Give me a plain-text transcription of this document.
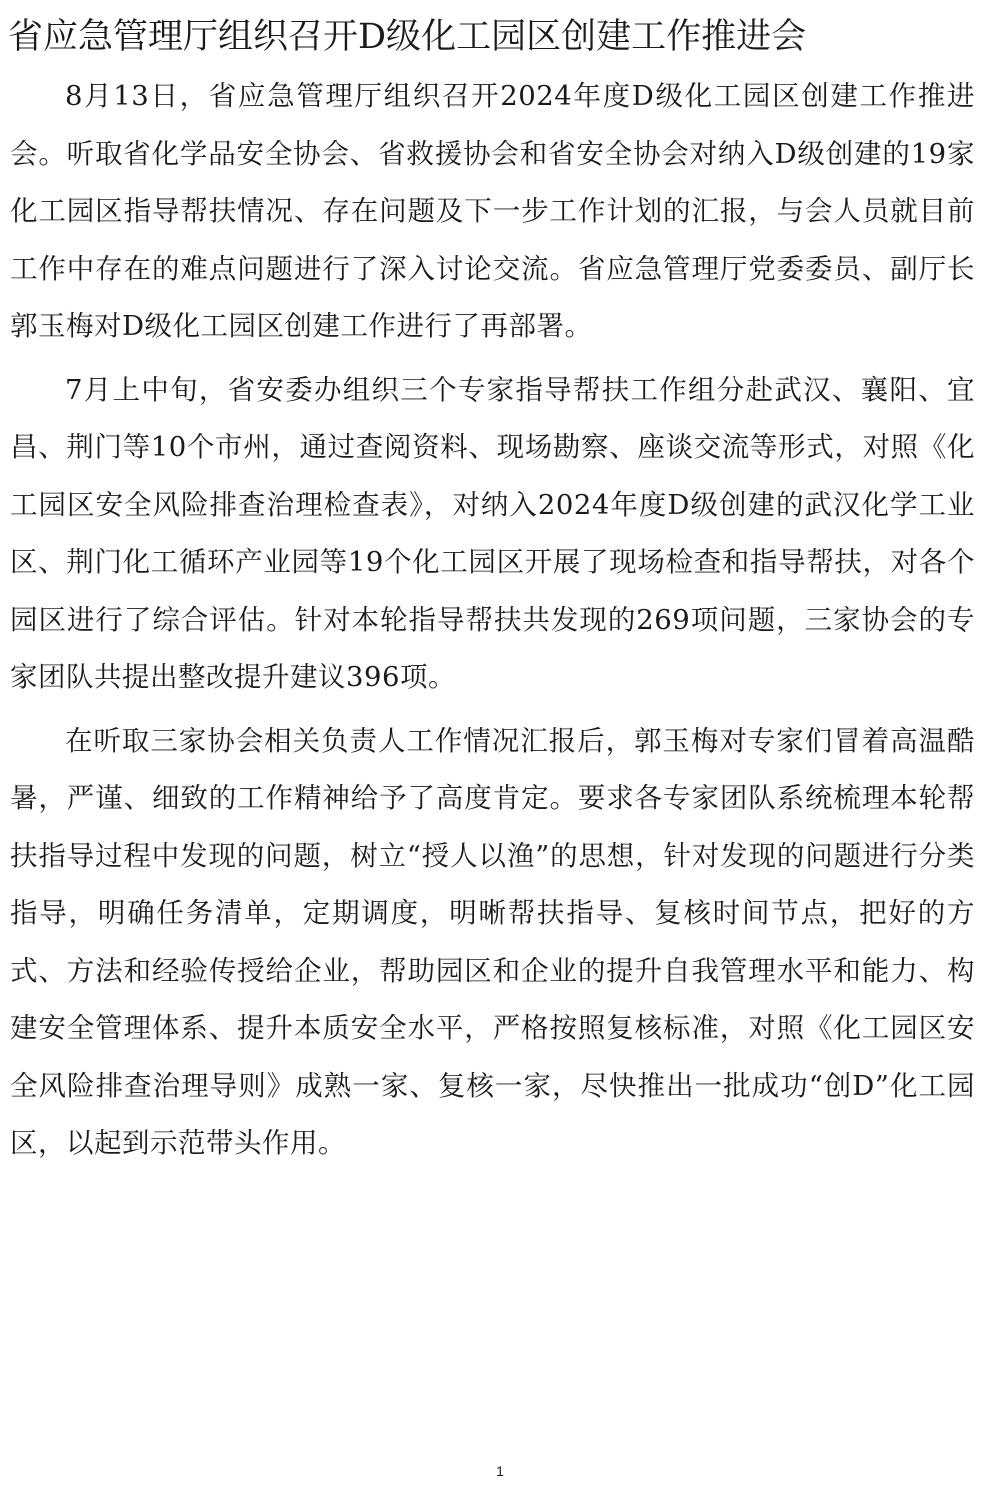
省应急管理厅组织召开D级化工园区创建工作推进会

8月13日，省应急管理厅组织召开2024年度D级化工园区创建工作推进会。听取省化学品安全协会、省救援协会和省安全协会对纳入D级创建的19家化工园区指导帮扶情况、存在问题及下一步工作计划的汇报，与会人员就目前工作中存在的难点问题进行了深入讨论交流。省应急管理厅党委委员、副厅长郭玉梅对D级化工园区创建工作进行了再部署。

7月上中旬，省安委办组织三个专家指导帮扶工作组分赴武汉、襄阳、宜昌、荆门等10个市州，通过查阅资料、现场勘察、座谈交流等形式，对照《化工园区安全风险排查治理检查表》，对纳入2024年度D级创建的武汉化学工业区、荆门化工循环产业园等19个化工园区开展了现场检查和指导帮扶，对各个园区进行了综合评估。针对本轮指导帮扶共发现的269项问题，三家协会的专家团队共提出整改提升建议396项。

在听取三家协会相关负责人工作情况汇报后，郭玉梅对专家们冒着高温酷暑，严谨、细致的工作精神给予了高度肯定。要求各专家团队系统梳理本轮帮扶指导过程中发现的问题，树立“授人以渔”的思想，针对发现的问题进行分类指导，明确任务清单，定期调度，明晰帮扶指导、复核时间节点，把好的方式、方法和经验传授给企业，帮助园区和企业的提升自我管理水平和能力、构建安全管理体系、提升本质安全水平，严格按照复核标准，对照《化工园区安全风险排查治理导则》成熟一家、复核一家，尽快推出一批成功“创D”化工园区，以起到示范带头作用。

1
